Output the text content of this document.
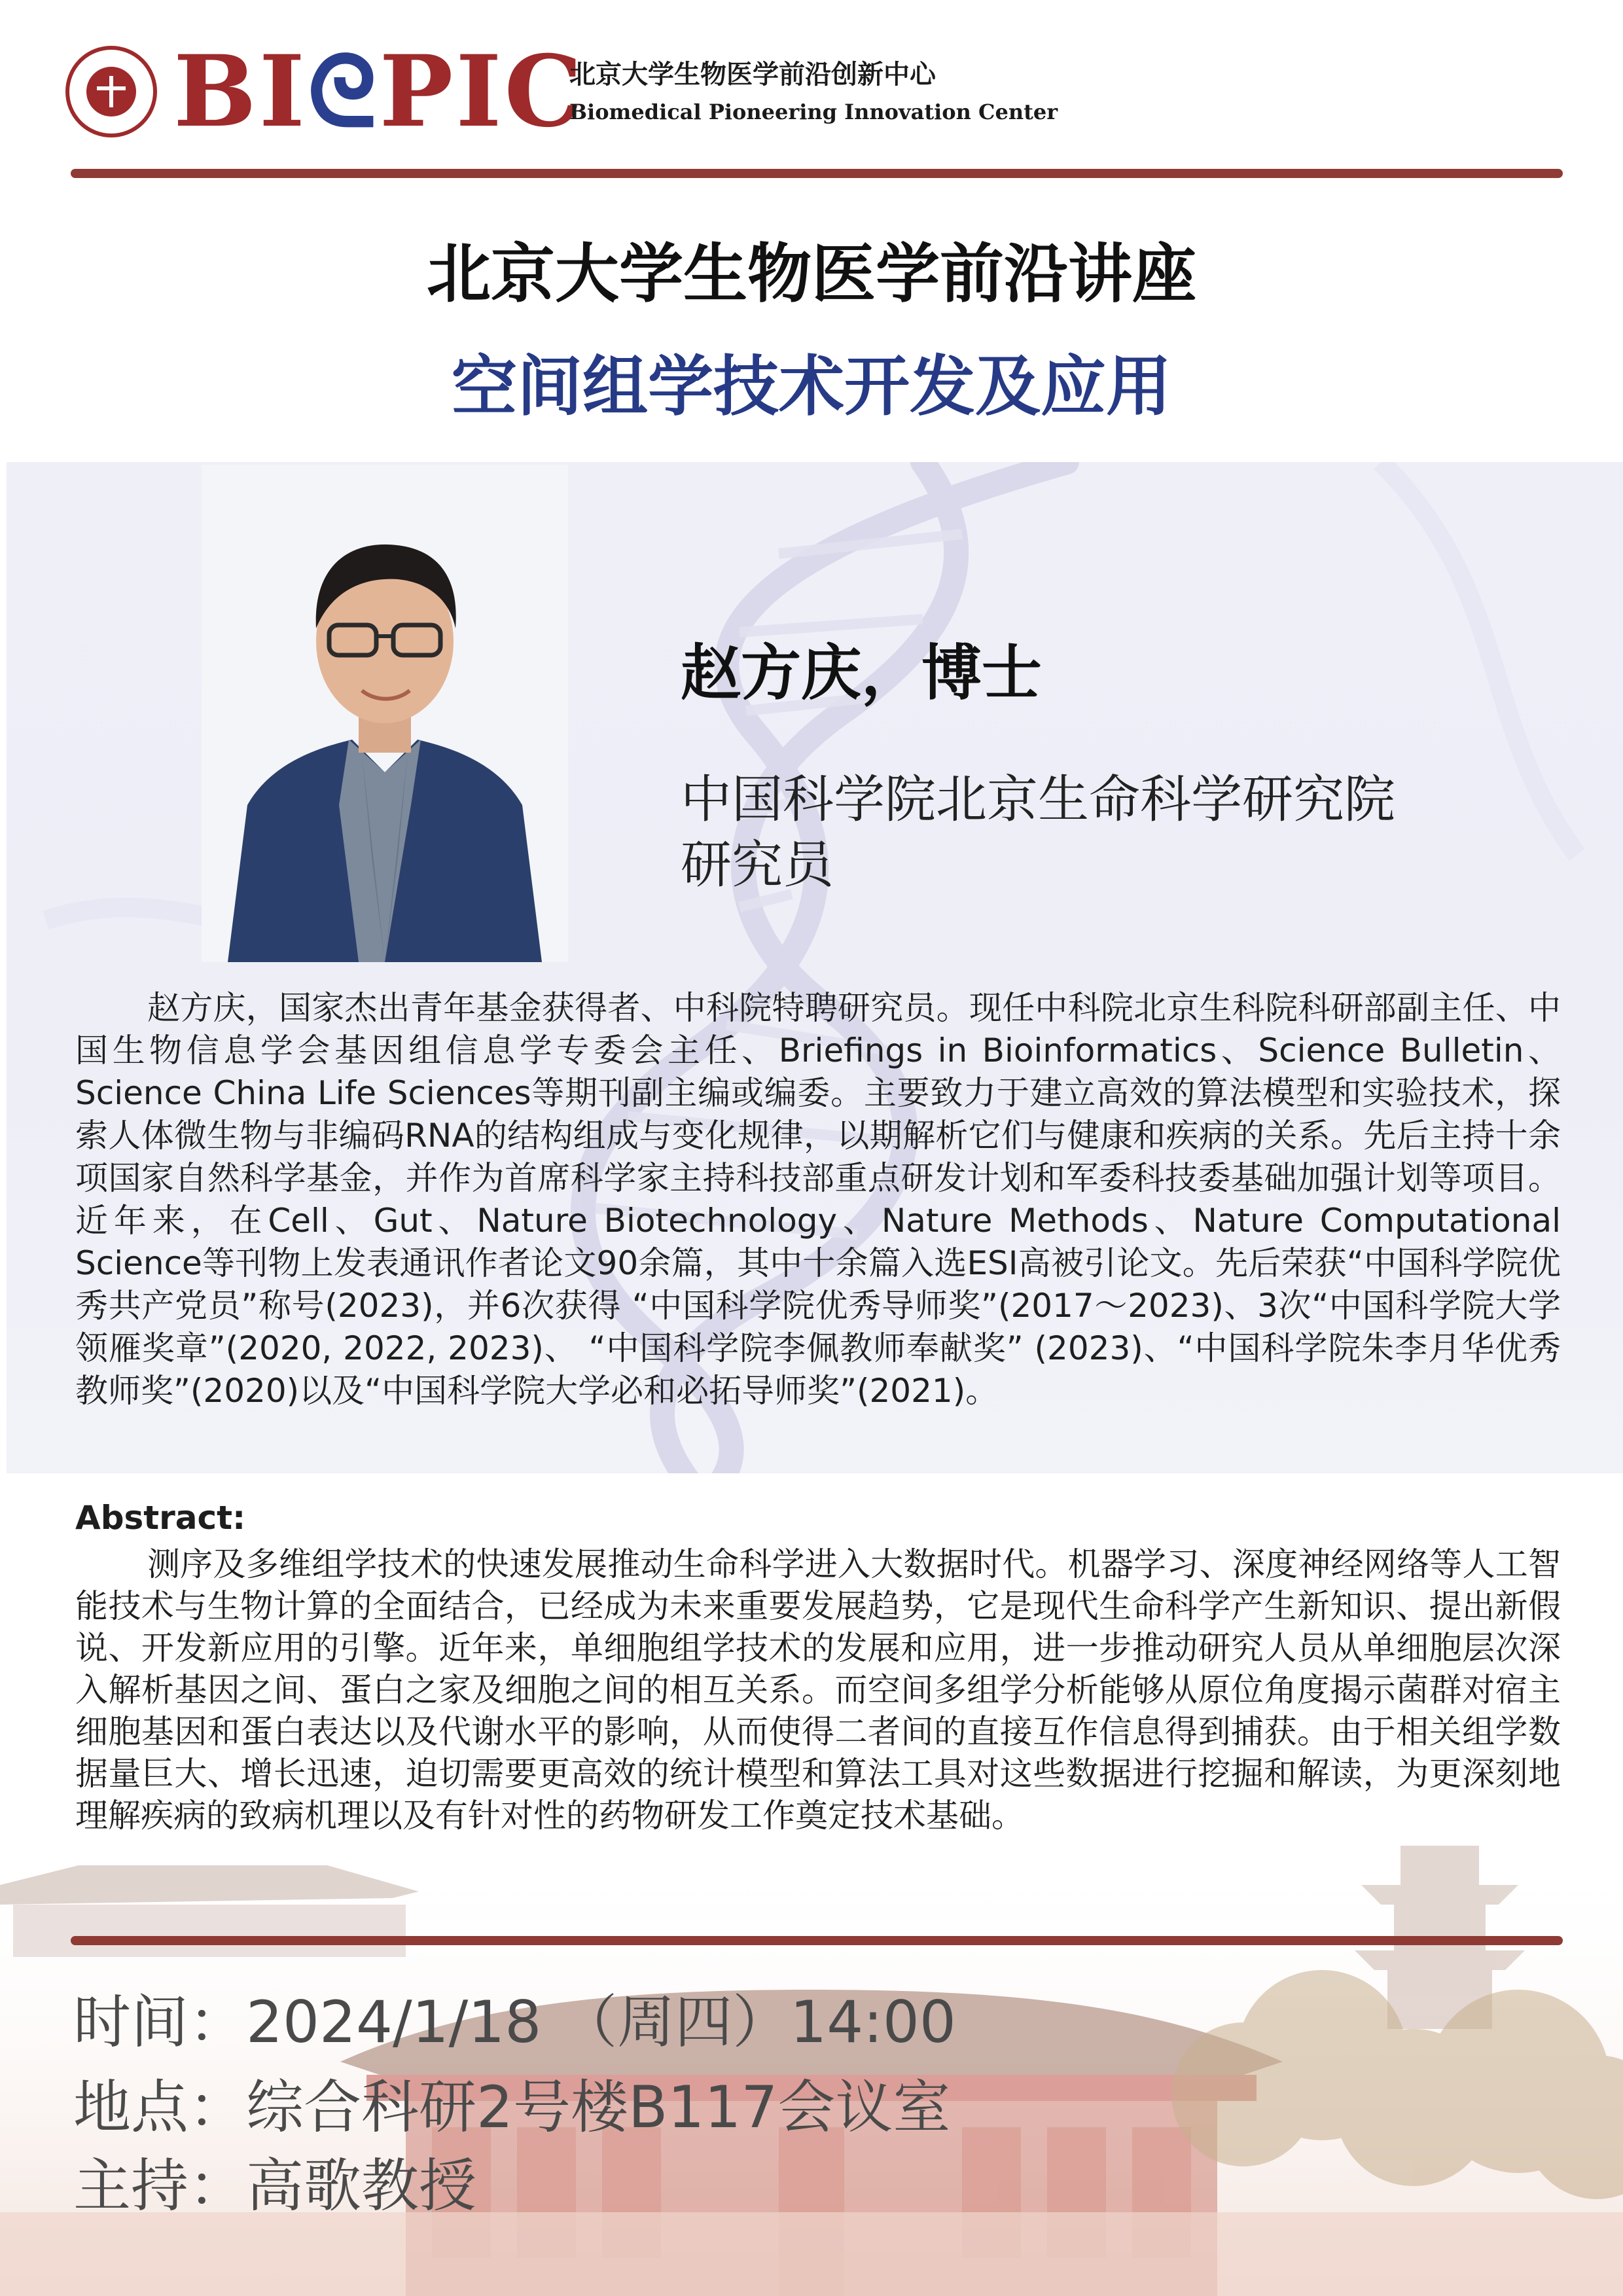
BIᘓPIC
北京大学生物医学前沿创新中心
Biomedical Pioneering Innovation Center
北京大学生物医学前沿讲座
空间组学技术开发及应用
赵方庆，博士
中国科学院北京生命科学研究院
研究员
赵方庆，国家杰出青年基金获得者、中科院特聘研究员。现任中科院北京生科院科研部副主任、中国生物信息学会基因组信息学专委会主任、Briefings in Bioinformatics、Science Bulletin、Science China Life Sciences等期刊副主编或编委。主要致力于建立高效的算法模型和实验技术，探索人体微生物与非编码RNA的结构组成与变化规律，以期解析它们与健康和疾病的关系。先后主持十余项国家自然科学基金，并作为首席科学家主持科技部重点研发计划和军委科技委基础加强计划等项目。近年来，在Cell、Gut、Nature Biotechnology、Nature Methods、Nature Computational Science等刊物上发表通讯作者论文90余篇，其中十余篇入选ESI高被引论文。先后荣获“中国科学院优秀共产党员”称号(2023)，并6次获得 “中国科学院优秀导师奖”(2017～2023)、3次“中国科学院大学领雁奖章”(2020, 2022, 2023)、 “中国科学院李佩教师奉献奖” (2023)、“中国科学院朱李月华优秀教师奖”(2020)以及“中国科学院大学必和必拓导师奖”(2021)。
Abstract:
测序及多维组学技术的快速发展推动生命科学进入大数据时代。机器学习、深度神经网络等人工智能技术与生物计算的全面结合，已经成为未来重要发展趋势，它是现代生命科学产生新知识、提出新假说、开发新应用的引擎。近年来，单细胞组学技术的发展和应用，进一步推动研究人员从单细胞层次深入解析基因之间、蛋白之家及细胞之间的相互关系。而空间多组学分析能够从原位角度揭示菌群对宿主细胞基因和蛋白表达以及代谢水平的影响，从而使得二者间的直接互作信息得到捕获。由于相关组学数据量巨大、增长迅速，迫切需要更高效的统计模型和算法工具对这些数据进行挖掘和解读，为更深刻地理解疾病的致病机理以及有针对性的药物研发工作奠定技术基础。
时间：2024/1/18 （周四）14:00
地点：综合科研2号楼B117会议室
主持：高歌教授
